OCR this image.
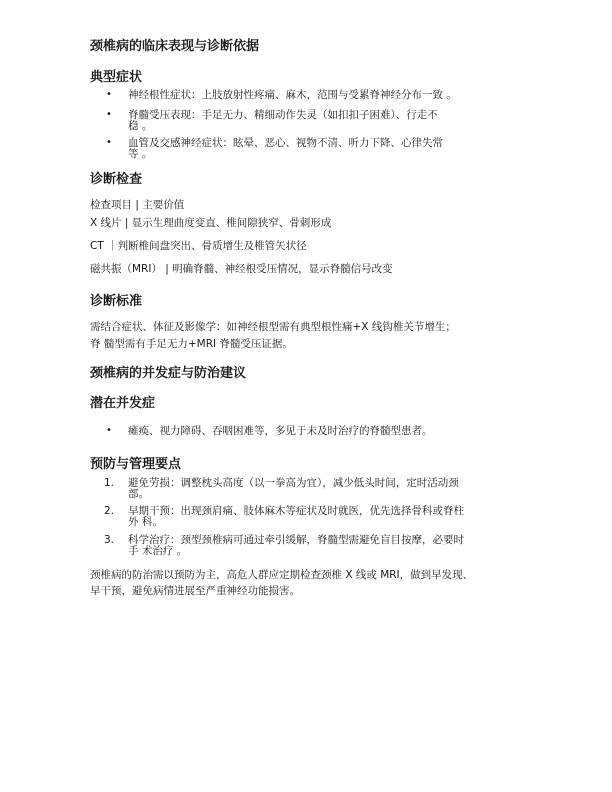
颈椎病的临床表现与诊断依据
典型症状
• 神经根性症状：上肢放射性疼痛、麻木，范围与受累脊神经分布一致 。
• 脊髓受压表现：手足无力、精细动作失灵（如扣扣子困难）、行走不
稳 。
• 血管及交感神经症状：眩晕、恶心、视物不清、听力下降、心律失常
等 。
诊断检查
检查项目 | 主要价值
X 线片 | 显示生理曲度变直、椎间隙狭窄、骨刺形成
CT ｜判断椎间盘突出、骨质增生及椎管矢状径
磁共振（MRI） | 明确脊髓、神经根受压情况，显示脊髓信号改变
诊断标准
需结合症状、体征及影像学：如神经根型需有典型根性痛+X 线钩椎关节增生；
脊 髓型需有手足无力+MRI 脊髓受压证据。
颈椎病的并发症与防治建议
潜在并发症
• 瘫痪、视力障碍、吞咽困难等，多见于未及时治疗的脊髓型患者。
预防与管理要点
1. 避免劳损：调整枕头高度（以一拳高为宜），减少低头时间，定时活动颈
部。
2. 早期干预：出现颈肩痛、肢体麻木等症状及时就医，优先选择骨科或脊柱
外 科。
3. 科学治疗：颈型颈椎病可通过牵引缓解，脊髓型需避免盲目按摩，必要时
手 术治疗 。
颈椎病的防治需以预防为主，高危人群应定期检查颈椎 X 线或 MRI，做到早发现、
早干预，避免病情进展至严重神经功能损害。
